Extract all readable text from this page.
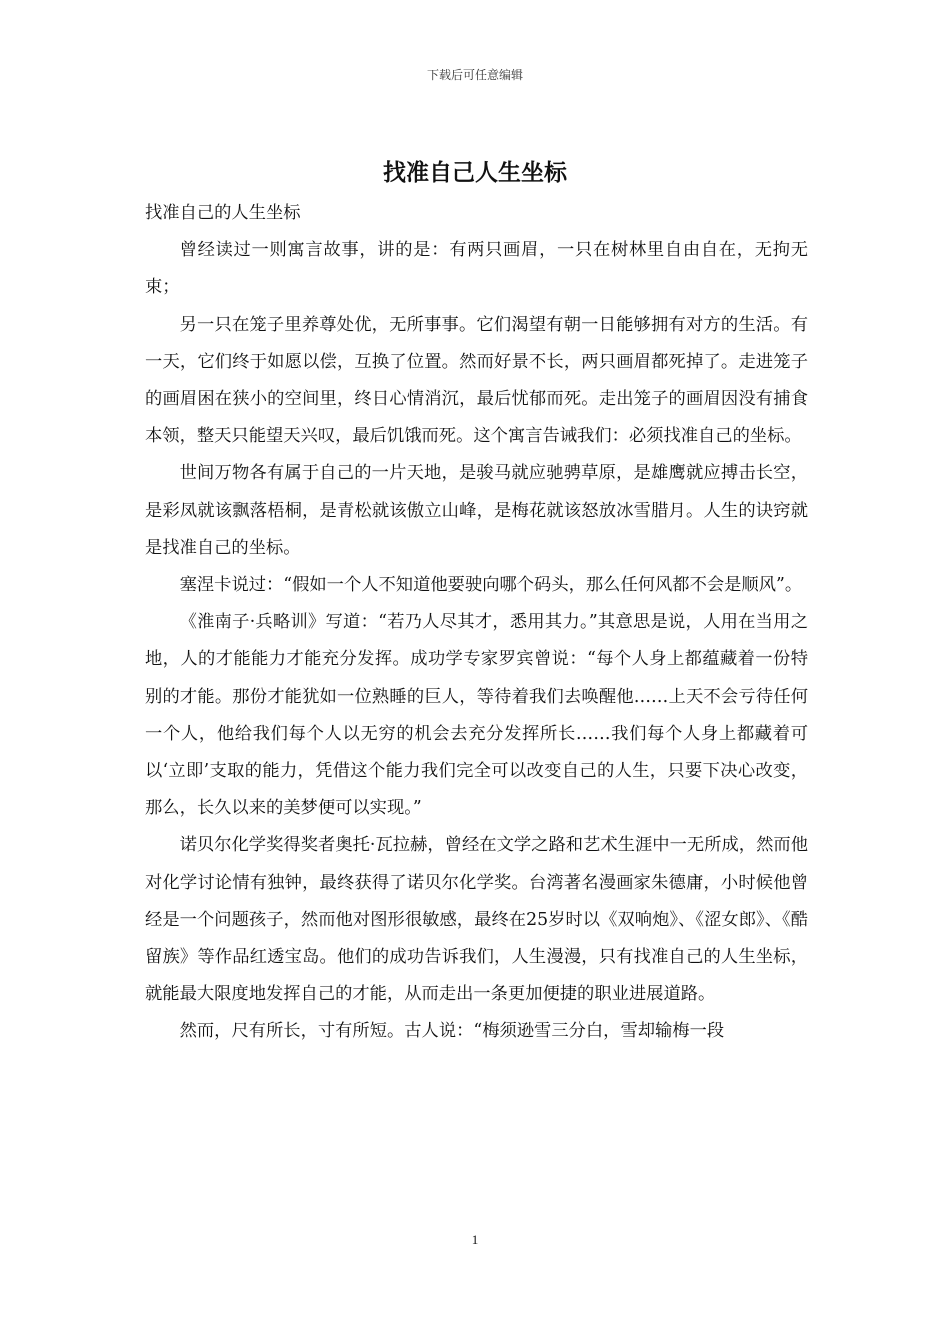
下载后可任意编辑
找准自己人生坐标

找准自己的人生坐标

曾经读过一则寓言故事，讲的是：有两只画眉，一只在树林里自由自在，无拘无束；

另一只在笼子里养尊处优，无所事事。它们渴望有朝一日能够拥有对方的生活。有一天，它们终于如愿以偿，互换了位置。然而好景不长，两只画眉都死掉了。走进笼子的画眉困在狭小的空间里，终日心情消沉，最后忧郁而死。走出笼子的画眉因没有捕食本领，整天只能望天兴叹，最后饥饿而死。这个寓言告诫我们：必须找准自己的坐标。

世间万物各有属于自己的一片天地，是骏马就应驰骋草原，是雄鹰就应搏击长空，是彩凤就该飘落梧桐，是青松就该傲立山峰，是梅花就该怒放冰雪腊月。人生的诀窍就是找准自己的坐标。

塞涅卡说过：“假如一个人不知道他要驶向哪个码头，那么任何风都不会是顺风”。

《淮南子·兵略训》写道：“若乃人尽其才，悉用其力。”其意思是说，人用在当用之地，人的才能能力才能充分发挥。成功学专家罗宾曾说：“每个人身上都蕴藏着一份特别的才能。那份才能犹如一位熟睡的巨人，等待着我们去唤醒他……上天不会亏待任何一个人，他给我们每个人以无穷的机会去充分发挥所长……我们每个人身上都藏着可以‘立即’支取的能力，凭借这个能力我们完全可以改变自己的人生，只要下决心改变，那么，长久以来的美梦便可以实现。”

诺贝尔化学奖得奖者奥托·瓦拉赫，曾经在文学之路和艺术生涯中一无所成，然而他对化学讨论情有独钟，最终获得了诺贝尔化学奖。台湾著名漫画家朱德庸，小时候他曾经是一个问题孩子，然而他对图形很敏感，最终在25岁时以《双响炮》、《涩女郎》、《酷留族》等作品红透宝岛。他们的成功告诉我们，人生漫漫，只有找准自己的人生坐标，就能最大限度地发挥自己的才能，从而走出一条更加便捷的职业进展道路。

然而，尺有所长，寸有所短。古人说：“梅须逊雪三分白，雪却输梅一段

1
